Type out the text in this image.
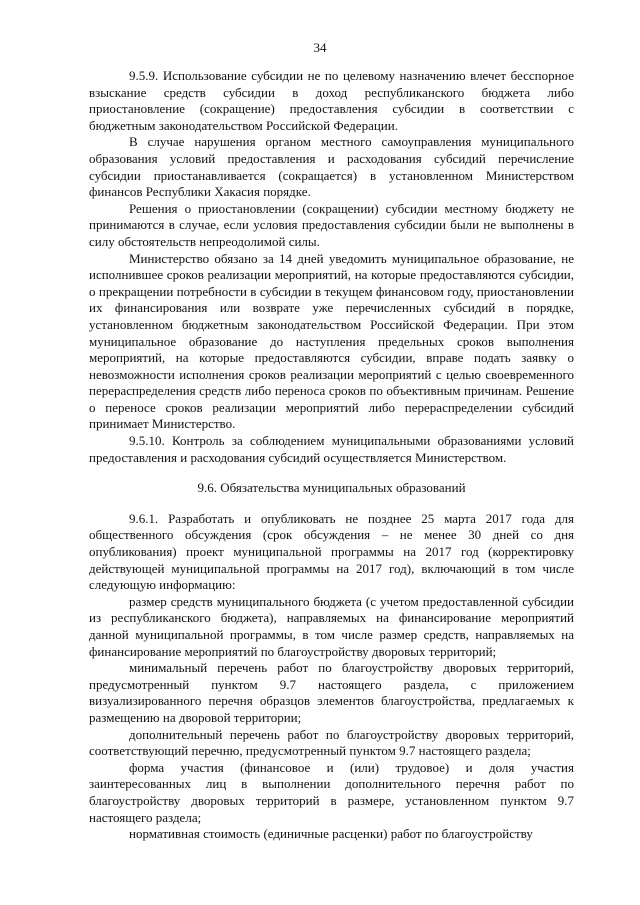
34

9.5.9. Использование субсидии не по целевому назначению влечет бесспорное взыскание средств субсидии в доход республиканского бюджета либо приостановление (сокращение) предоставления субсидии в соответствии с бюджетным законодательством Российской Федерации.

В случае нарушения органом местного самоуправления муниципального образования условий предоставления и расходования субсидий перечисление субсидии приостанавливается (сокращается) в установленном Министерством финансов Республики Хакасия порядке.

Решения о приостановлении (сокращении) субсидии местному бюджету не принимаются в случае, если условия предоставления субсидии были не выполнены в силу обстоятельств непреодолимой силы.

Министерство обязано за 14 дней уведомить муниципальное образование, не исполнившее сроков реализации мероприятий, на которые предоставляются субсидии, о прекращении потребности в субсидии в текущем финансовом году, приостановлении их финансирования или возврате уже перечисленных субсидий в порядке, установленном бюджетным законодательством Российской Федерации. При этом муниципальное образование до наступления предельных сроков выполнения мероприятий, на которые предоставляются субсидии, вправе подать заявку о невозможности исполнения сроков реализации мероприятий с целью своевременного перераспределения средств либо переноса сроков по объективным причинам. Решение о переносе сроков реализации мероприятий либо перераспределении субсидий принимает Министерство.

9.5.10. Контроль за соблюдением муниципальными образованиями условий предоставления и расходования субсидий осуществляется Министерством.

9.6. Обязательства муниципальных образований

9.6.1. Разработать и опубликовать не позднее 25 марта 2017 года для общественного обсуждения (срок обсуждения – не менее 30 дней со дня опубликования) проект муниципальной программы на 2017 год (корректировку действующей муниципальной программы на 2017 год), включающий в том числе следующую информацию:

размер средств муниципального бюджета (с учетом предоставленной субсидии из республиканского бюджета), направляемых на финансирование мероприятий данной муниципальной программы, в том числе размер средств, направляемых на финансирование мероприятий по благоустройству дворовых территорий;

минимальный перечень работ по благоустройству дворовых территорий, предусмотренный пунктом 9.7 настоящего раздела, с приложением визуализированного перечня образцов элементов благоустройства, предлагаемых к размещению на дворовой территории;

дополнительный перечень работ по благоустройству дворовых территорий, соответствующий перечню, предусмотренный пунктом 9.7 настоящего раздела;

форма участия (финансовое и (или) трудовое) и доля участия заинтересованных лиц в выполнении дополнительного перечня работ по благоустройству дворовых территорий в размере, установленном пунктом 9.7 настоящего раздела;

нормативная стоимость (единичные расценки) работ по благоустройству
